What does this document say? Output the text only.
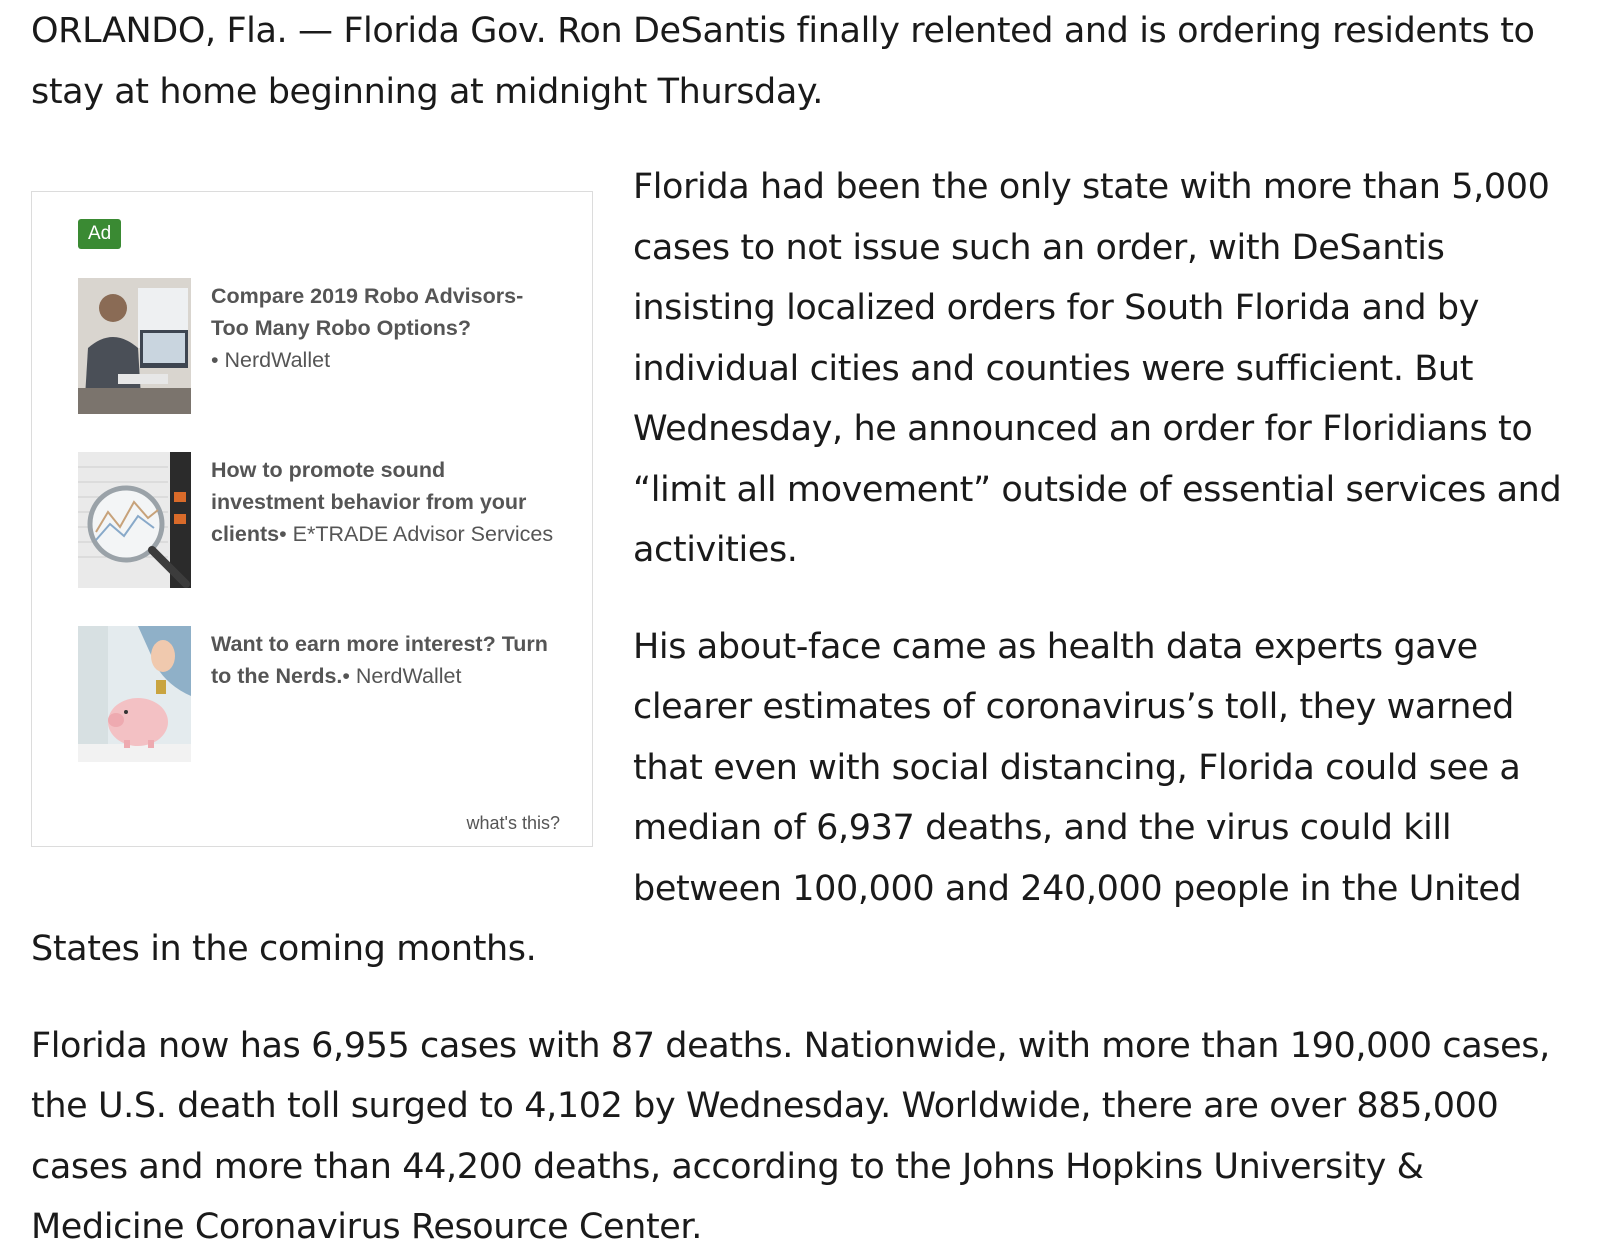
ORLANDO, Fla. — Florida Gov. Ron DeSantis finally relented and is ordering residents to stay at home beginning at midnight Thursday.

Ad
Compare 2019 Robo Advisors- Too Many Robo Options?
• NerdWallet
How to promote sound investment behavior from your clients• E*TRADE Advisor Services
Want to earn more interest? Turn to the Nerds.• NerdWallet
what's this?

Florida had been the only state with more than 5,000 cases to not issue such an order, with DeSantis insisting localized orders for South Florida and by individual cities and counties were sufficient. But Wednesday, he announced an order for Floridians to “limit all movement” outside of essential services and activities.

His about-face came as health data experts gave clearer estimates of coronavirus’s toll, they warned that even with social distancing, Florida could see a median of 6,937 deaths, and the virus could kill between 100,000 and 240,000 people in the United States in the coming months.

Florida now has 6,955 cases with 87 deaths. Nationwide, with more than 190,000 cases, the U.S. death toll surged to 4,102 by Wednesday. Worldwide, there are over 885,000 cases and more than 44,200 deaths, according to the Johns Hopkins University & Medicine Coronavirus Resource Center.
